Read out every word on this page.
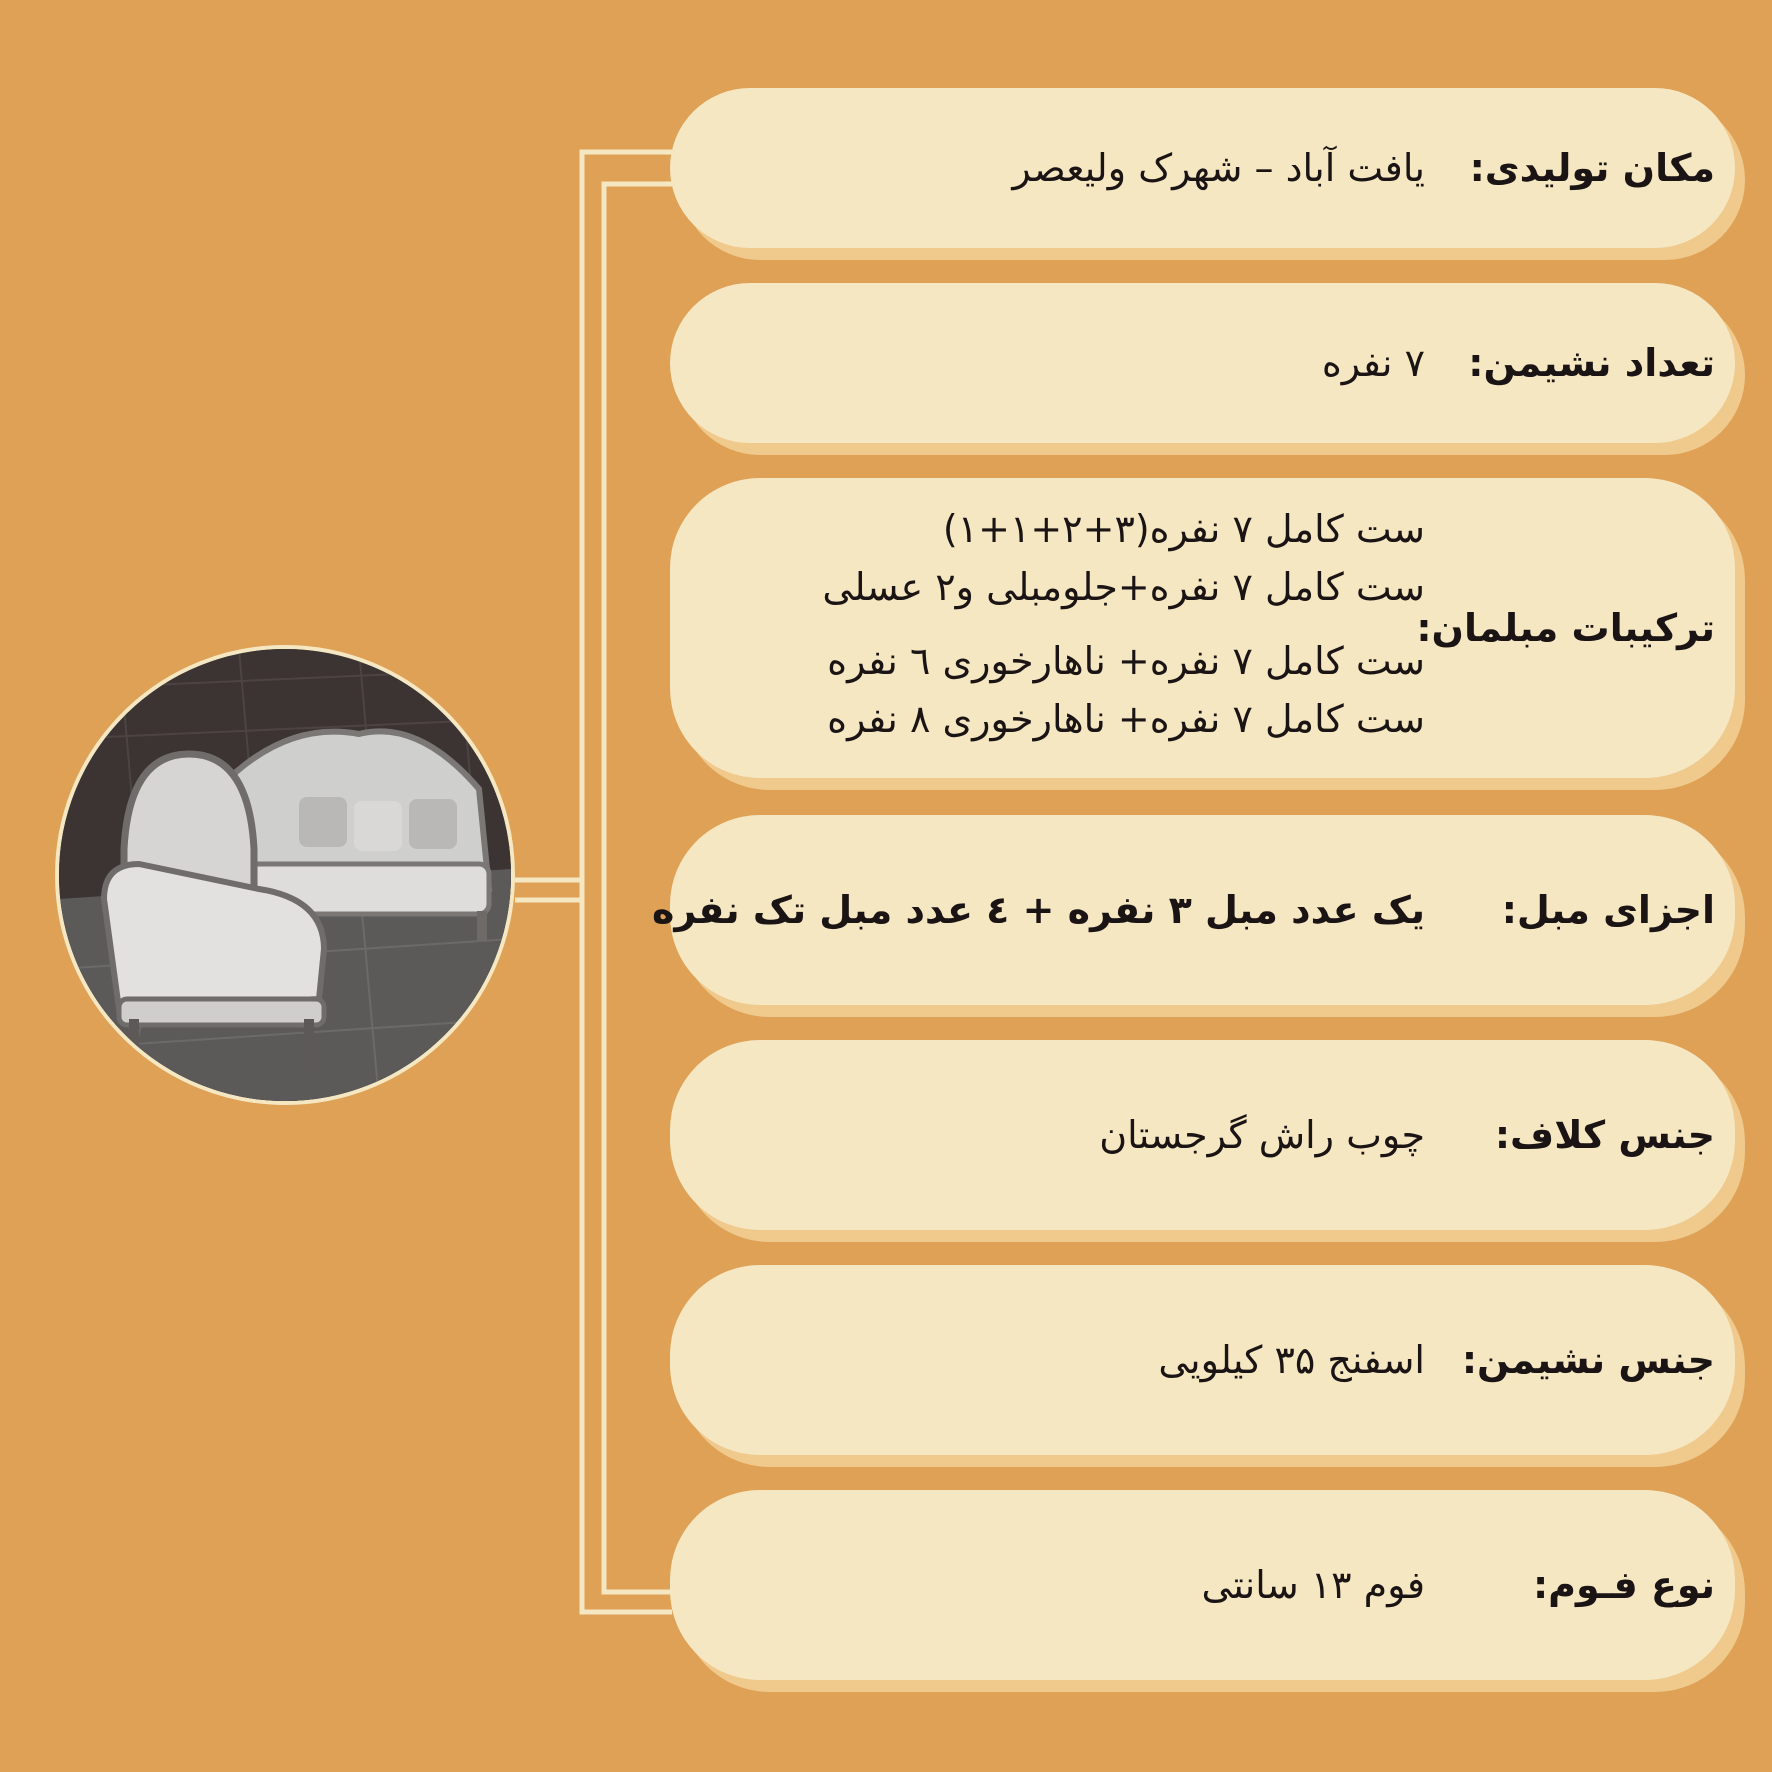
مکان تولیدی:
یافت آباد – شهرک ولیعصر
تعداد نشیمن:
۷ نفره
ترکیبات مبلمان:
ست کامل ۷ نفره(۳+۲+۱+۱)
ست کامل ۷ نفره+جلومبلی و۲ عسلی
ست کامل ۷ نفره+ ناهارخوری ٦ نفره
ست کامل ۷ نفره+ ناهارخوری ۸ نفره
اجزای مبل:
یک عدد مبل ۳ نفره + ٤ عدد مبل تک نفره
جنس کلاف:
چوب راش گرجستان
جنس نشیمن:
اسفنج ۳۵ کیلویی
نوع فـوم:
فوم ۱۳ سانتی
